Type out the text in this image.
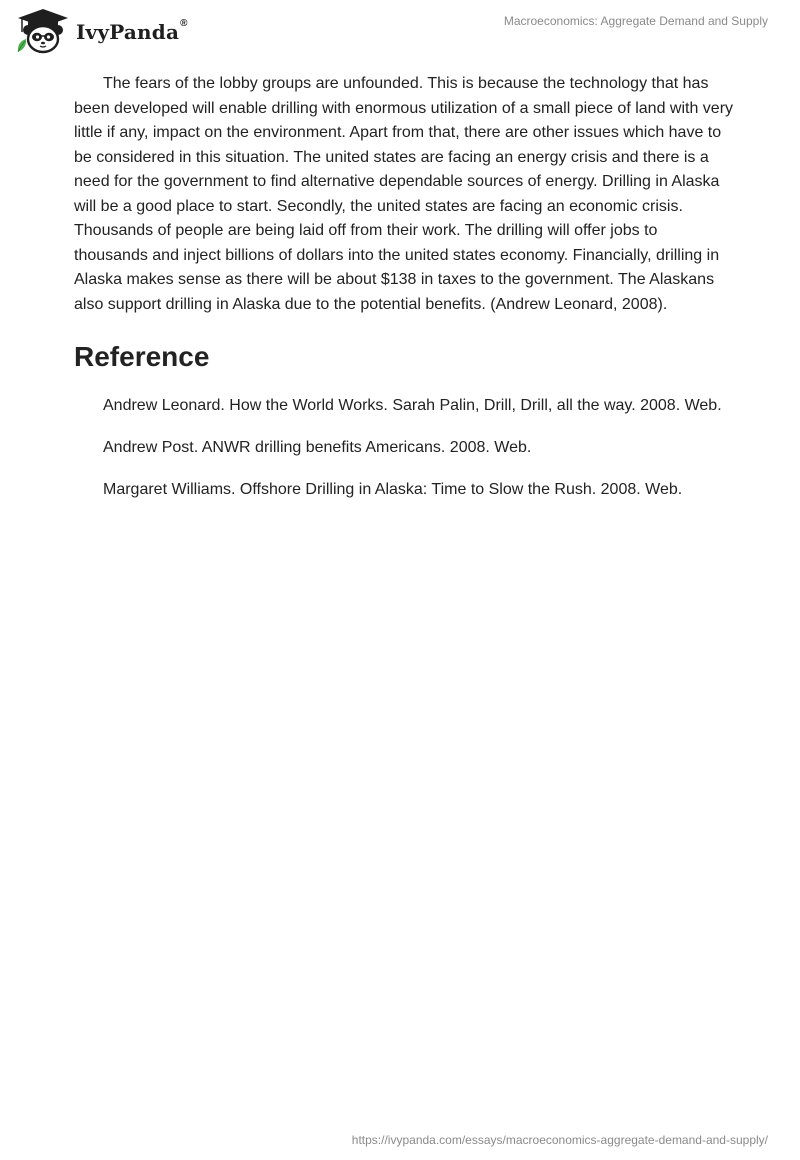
IvyPanda®	Macroeconomics: Aggregate Demand and Supply

The fears of the lobby groups are unfounded. This is because the technology that has been developed will enable drilling with enormous utilization of a small piece of land with very little if any, impact on the environment. Apart from that, there are other issues which have to be considered in this situation. The united states are facing an energy crisis and there is a need for the government to find alternative dependable sources of energy. Drilling in Alaska will be a good place to start. Secondly, the united states are facing an economic crisis. Thousands of people are being laid off from their work. The drilling will offer jobs to thousands and inject billions of dollars into the united states economy. Financially, drilling in Alaska makes sense as there will be about $138 in taxes to the government. The Alaskans also support drilling in Alaska due to the potential benefits. (Andrew Leonard, 2008).

Reference
Andrew Leonard. How the World Works. Sarah Palin, Drill, Drill, all the way. 2008. Web.
Andrew Post. ANWR drilling benefits Americans. 2008. Web.
Margaret Williams. Offshore Drilling in Alaska: Time to Slow the Rush. 2008. Web.
https://ivypanda.com/essays/macroeconomics-aggregate-demand-and-supply/
